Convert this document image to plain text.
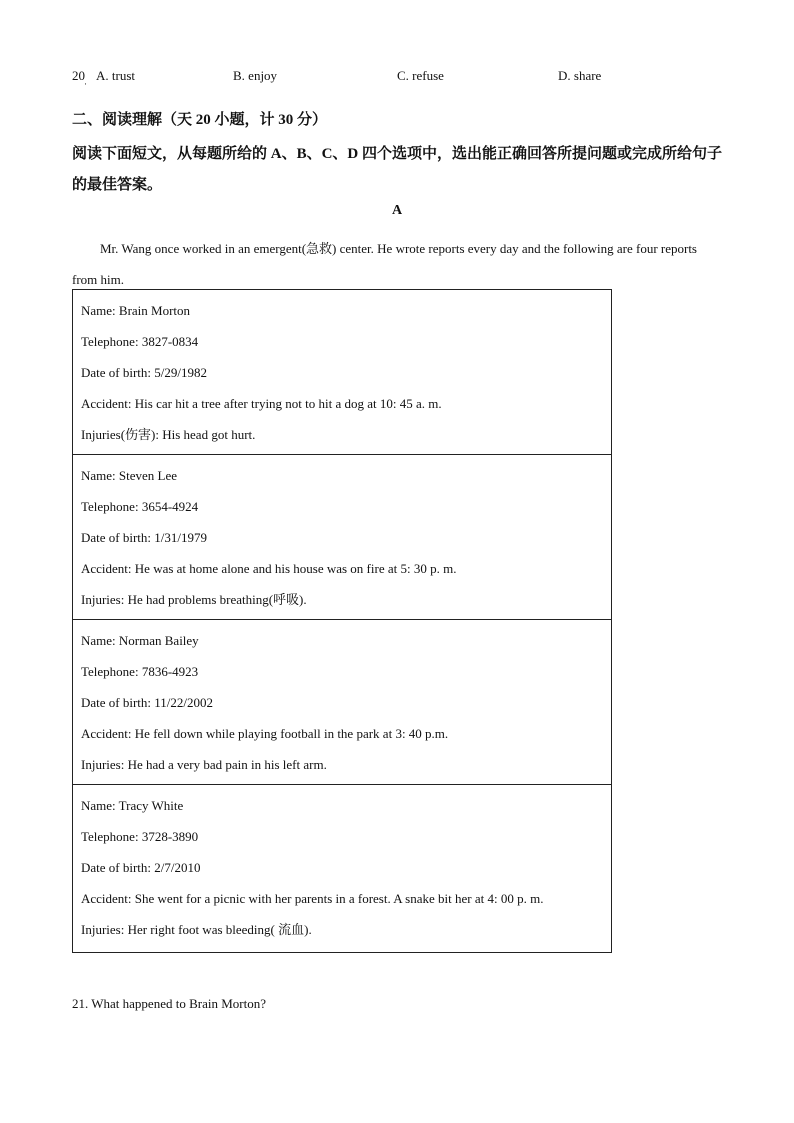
20
·
A. trust	B. enjoy	C. refuse	D. share
二、阅读理解（天 20 小题，计 30 分）
阅读下面短文，从每题所给的 A、B、C、D 四个选项中，选出能正确回答所提问题或完成所给句子的最佳答案。
A
Mr. Wang once worked in an emergent(急救) center. He wrote reports every day and the following are four reports from him.
Name: Brain Morton
Telephone: 3827-0834
Date of birth: 5/29/1982
Accident: His car hit a tree after trying not to hit a dog at 10: 45 a. m.
Injuries(伤害): His head got hurt.
Name: Steven Lee
Telephone: 3654-4924
Date of birth: 1/31/1979
Accident: He was at home alone and his house was on fire at 5: 30 p. m.
Injuries: He had problems breathing(呼吸).
Name: Norman Bailey
Telephone: 7836-4923
Date of birth: 11/22/2002
Accident: He fell down while playing football in the park at 3: 40 p.m.
Injuries: He had a very bad pain in his left arm.
Name: Tracy White
Telephone: 3728-3890
Date of birth: 2/7/2010
Accident: She went for a picnic with her parents in a forest. A snake bit her at 4: 00 p. m.
Injuries: Her right foot was bleeding( 流血).
21. What happened to Brain Morton?
